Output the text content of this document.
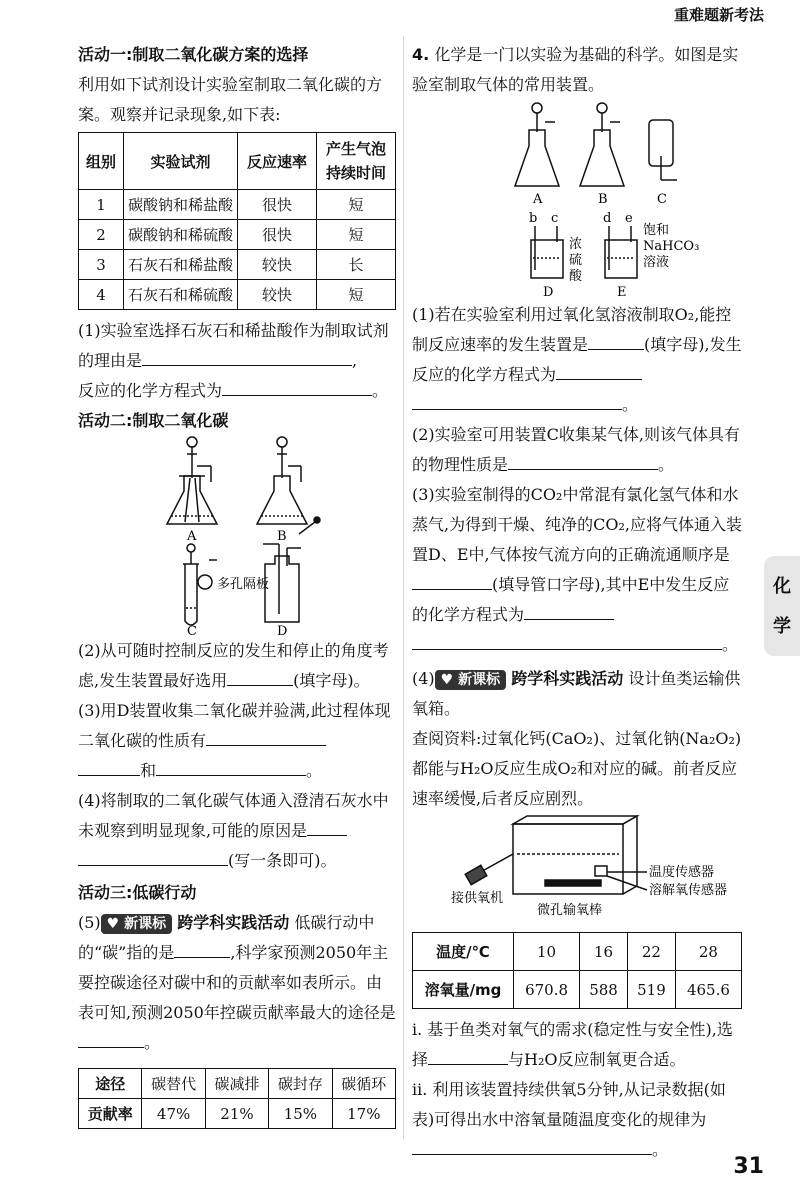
重难题新考法

活动一:制取二氧化碳方案的选择

利用如下试剂设计实验室制取二氧化碳的方案。观察并记录现象,如下表:

组别	实验试剂	反应速率	产生气泡持续时间
1	碳酸钠和稀盐酸	很快	短
2	碳酸钠和稀硫酸	很快	短
3	石灰石和稀盐酸	较快	长
4	石灰石和稀硫酸	较快	短

(1)实验室选择石灰石和稀盐酸作为制取试剂的理由是	,

反应的化学方程式为	。

活动二:制取二氧化碳

A	B
多孔隔板
C	D

(2)从可随时控制反应的发生和停止的角度考虑,发生装置最好选用	(填字母)。

(3)用D装置收集二氧化碳并验满,此过程体现二氧化碳的性质有

和	。

(4)将制取的二氧化碳气体通入澄清石灰水中未观察到明显现象,可能的原因是

(写一条即可)。

活动三:低碳行动

(5) ♥ 新课标 跨学科实践活动 低碳行动中的“碳”指的是	,科学家预测2050年主要控碳途径对碳中和的贡献率如表所示。由表可知,预测2050年控碳贡献率最大的途径是。

途径	碳替代	碳减排	碳封存	碳循环
贡献率	47%	21%	15%	17%

4. 化学是一门以实验为基础的科学。如图是实验室制取气体的常用装置。

A	B	C
b c
浓
硫
酸
D
d e
饱和
NaHCO₃
溶液
E

(1)若在实验室利用过氧化氢溶液制取O₂,能控制反应速率的发生装置是	(填字母),发生反应的化学方程式为

。

(2)实验室可用装置C收集某气体,则该气体具有的物理性质是	。

(3)实验室制得的CO₂中常混有氯化氢气体和水蒸气,为得到干燥、纯净的CO₂,应将气体通入装置D、E中,气体按气流方向的正确流通顺序是(填导管口字母),其中E中发生反应的化学方程式为

。

(4) ♥ 新课标 跨学科实践活动 设计鱼类运输供氧箱。

查阅资料:过氧化钙(CaO₂)、过氧化钠(Na₂O₂)都能与H₂O反应生成O₂和对应的碱。前者反应速率缓慢,后者反应剧烈。

温度传感器
溶解氧传感器
接供氧机
微孔输氧棒
温度/℃	10	16	22	28
溶氧量/mg	670.8	588	519	465.6

ⅰ. 基于鱼类对氧气的需求(稳定性与安全性),选择	与H₂O反应制氧更合适。

ⅱ. 利用该装置持续供氧5分钟,从记录数据(如表)可得出水中溶氧量随温度变化的规律为。

化
学
31
